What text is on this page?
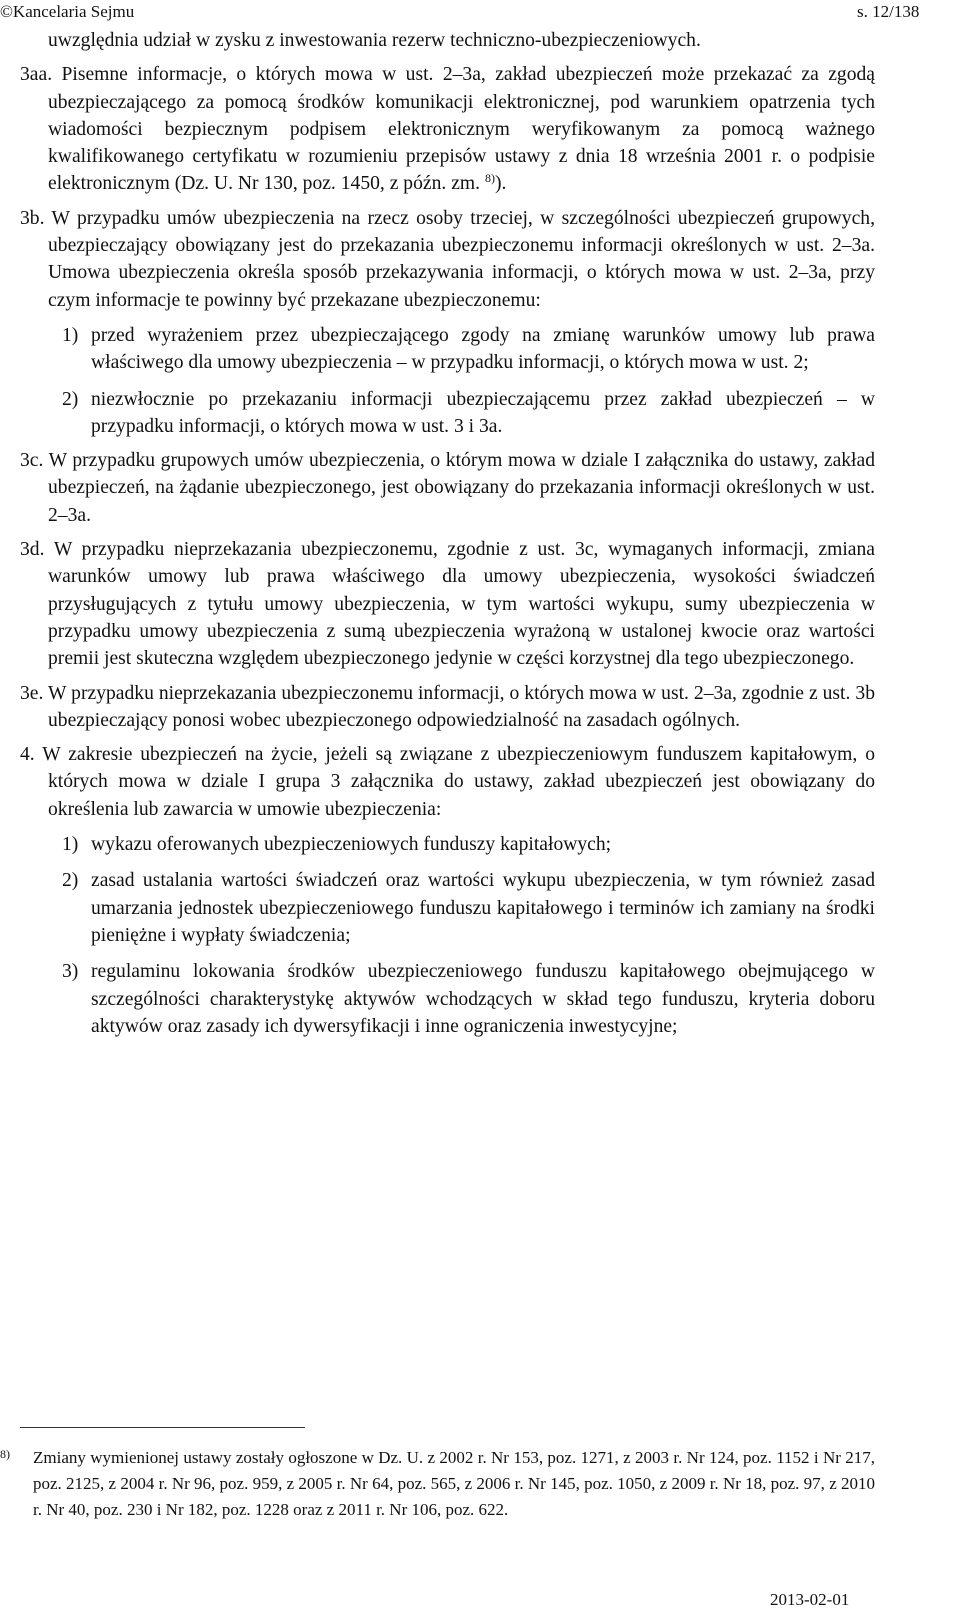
©Kancelaria Sejmu	s. 12/138

uwzględnia udział w zysku z inwestowania rezerw techniczno-ubezpieczeniowych.

3aa. Pisemne informacje, o których mowa w ust. 2–3a, zakład ubezpieczeń może przekazać za zgodą ubezpieczającego za pomocą środków komunikacji elektronicznej, pod warunkiem opatrzenia tych wiadomości bezpiecznym podpisem elektronicznym weryfikowanym za pomocą ważnego kwalifikowanego certyfikatu w rozumieniu przepisów ustawy z dnia 18 września 2001 r. o podpisie elektronicznym (Dz. U. Nr 130, poz. 1450, z późn. zm. $^{8)}$).

3b. W przypadku umów ubezpieczenia na rzecz osoby trzeciej, w szczególności ubezpieczeń grupowych, ubezpieczający obowiązany jest do przekazania ubezpieczonemu informacji określonych w ust. 2–3a. Umowa ubezpieczenia określa sposób przekazywania informacji, o których mowa w ust. 2–3a, przy czym informacje te powinny być przekazane ubezpieczonemu:

1) przed wyrażeniem przez ubezpieczającego zgody na zmianę warunków umowy lub prawa właściwego dla umowy ubezpieczenia – w przypadku informacji, o których mowa w ust. 2;
2) niezwłocznie po przekazaniu informacji ubezpieczającemu przez zakład ubezpieczeń – w przypadku informacji, o których mowa w ust. 3 i 3a.

3c. W przypadku grupowych umów ubezpieczenia, o którym mowa w dziale I załącznika do ustawy, zakład ubezpieczeń, na żądanie ubezpieczonego, jest obowiązany do przekazania informacji określonych w ust. 2–3a.

3d. W przypadku nieprzekazania ubezpieczonemu, zgodnie z ust. 3c, wymaganych informacji, zmiana warunków umowy lub prawa właściwego dla umowy ubezpieczenia, wysokości świadczeń przysługujących z tytułu umowy ubezpieczenia, w tym wartości wykupu, sumy ubezpieczenia w przypadku umowy ubezpieczenia z sumą ubezpieczenia wyrażoną w ustalonej kwocie oraz wartości premii jest skuteczna względem ubezpieczonego jedynie w części korzystnej dla tego ubezpieczonego.

3e. W przypadku nieprzekazania ubezpieczonemu informacji, o których mowa w ust. 2–3a, zgodnie z ust. 3b ubezpieczający ponosi wobec ubezpieczonego odpowiedzialność na zasadach ogólnych.

4. W zakresie ubezpieczeń na życie, jeżeli są związane z ubezpieczeniowym funduszem kapitałowym, o których mowa w dziale I grupa 3 załącznika do ustawy, zakład ubezpieczeń jest obowiązany do określenia lub zawarcia w umowie ubezpieczenia:

1) wykazu oferowanych ubezpieczeniowych funduszy kapitałowych;
2) zasad ustalania wartości świadczeń oraz wartości wykupu ubezpieczenia, w tym również zasad umarzania jednostek ubezpieczeniowego funduszu kapitałowego i terminów ich zamiany na środki pieniężne i wypłaty świadczenia;
3) regulaminu lokowania środków ubezpieczeniowego funduszu kapitałowego obejmującego w szczególności charakterystykę aktywów wchodzących w skład tego funduszu, kryteria doboru aktywów oraz zasady ich dywersyfikacji i inne ograniczenia inwestycyjne;
8) Zmiany wymienionej ustawy zostały ogłoszone w Dz. U. z 2002 r. Nr 153, poz. 1271, z 2003 r. Nr 124, poz. 1152 i Nr 217, poz. 2125, z 2004 r. Nr 96, poz. 959, z 2005 r. Nr 64, poz. 565, z 2006 r. Nr 145, poz. 1050, z 2009 r. Nr 18, poz. 97, z 2010 r. Nr 40, poz. 230 i Nr 182, poz. 1228 oraz z 2011 r. Nr 106, poz. 622.
2013-02-01
